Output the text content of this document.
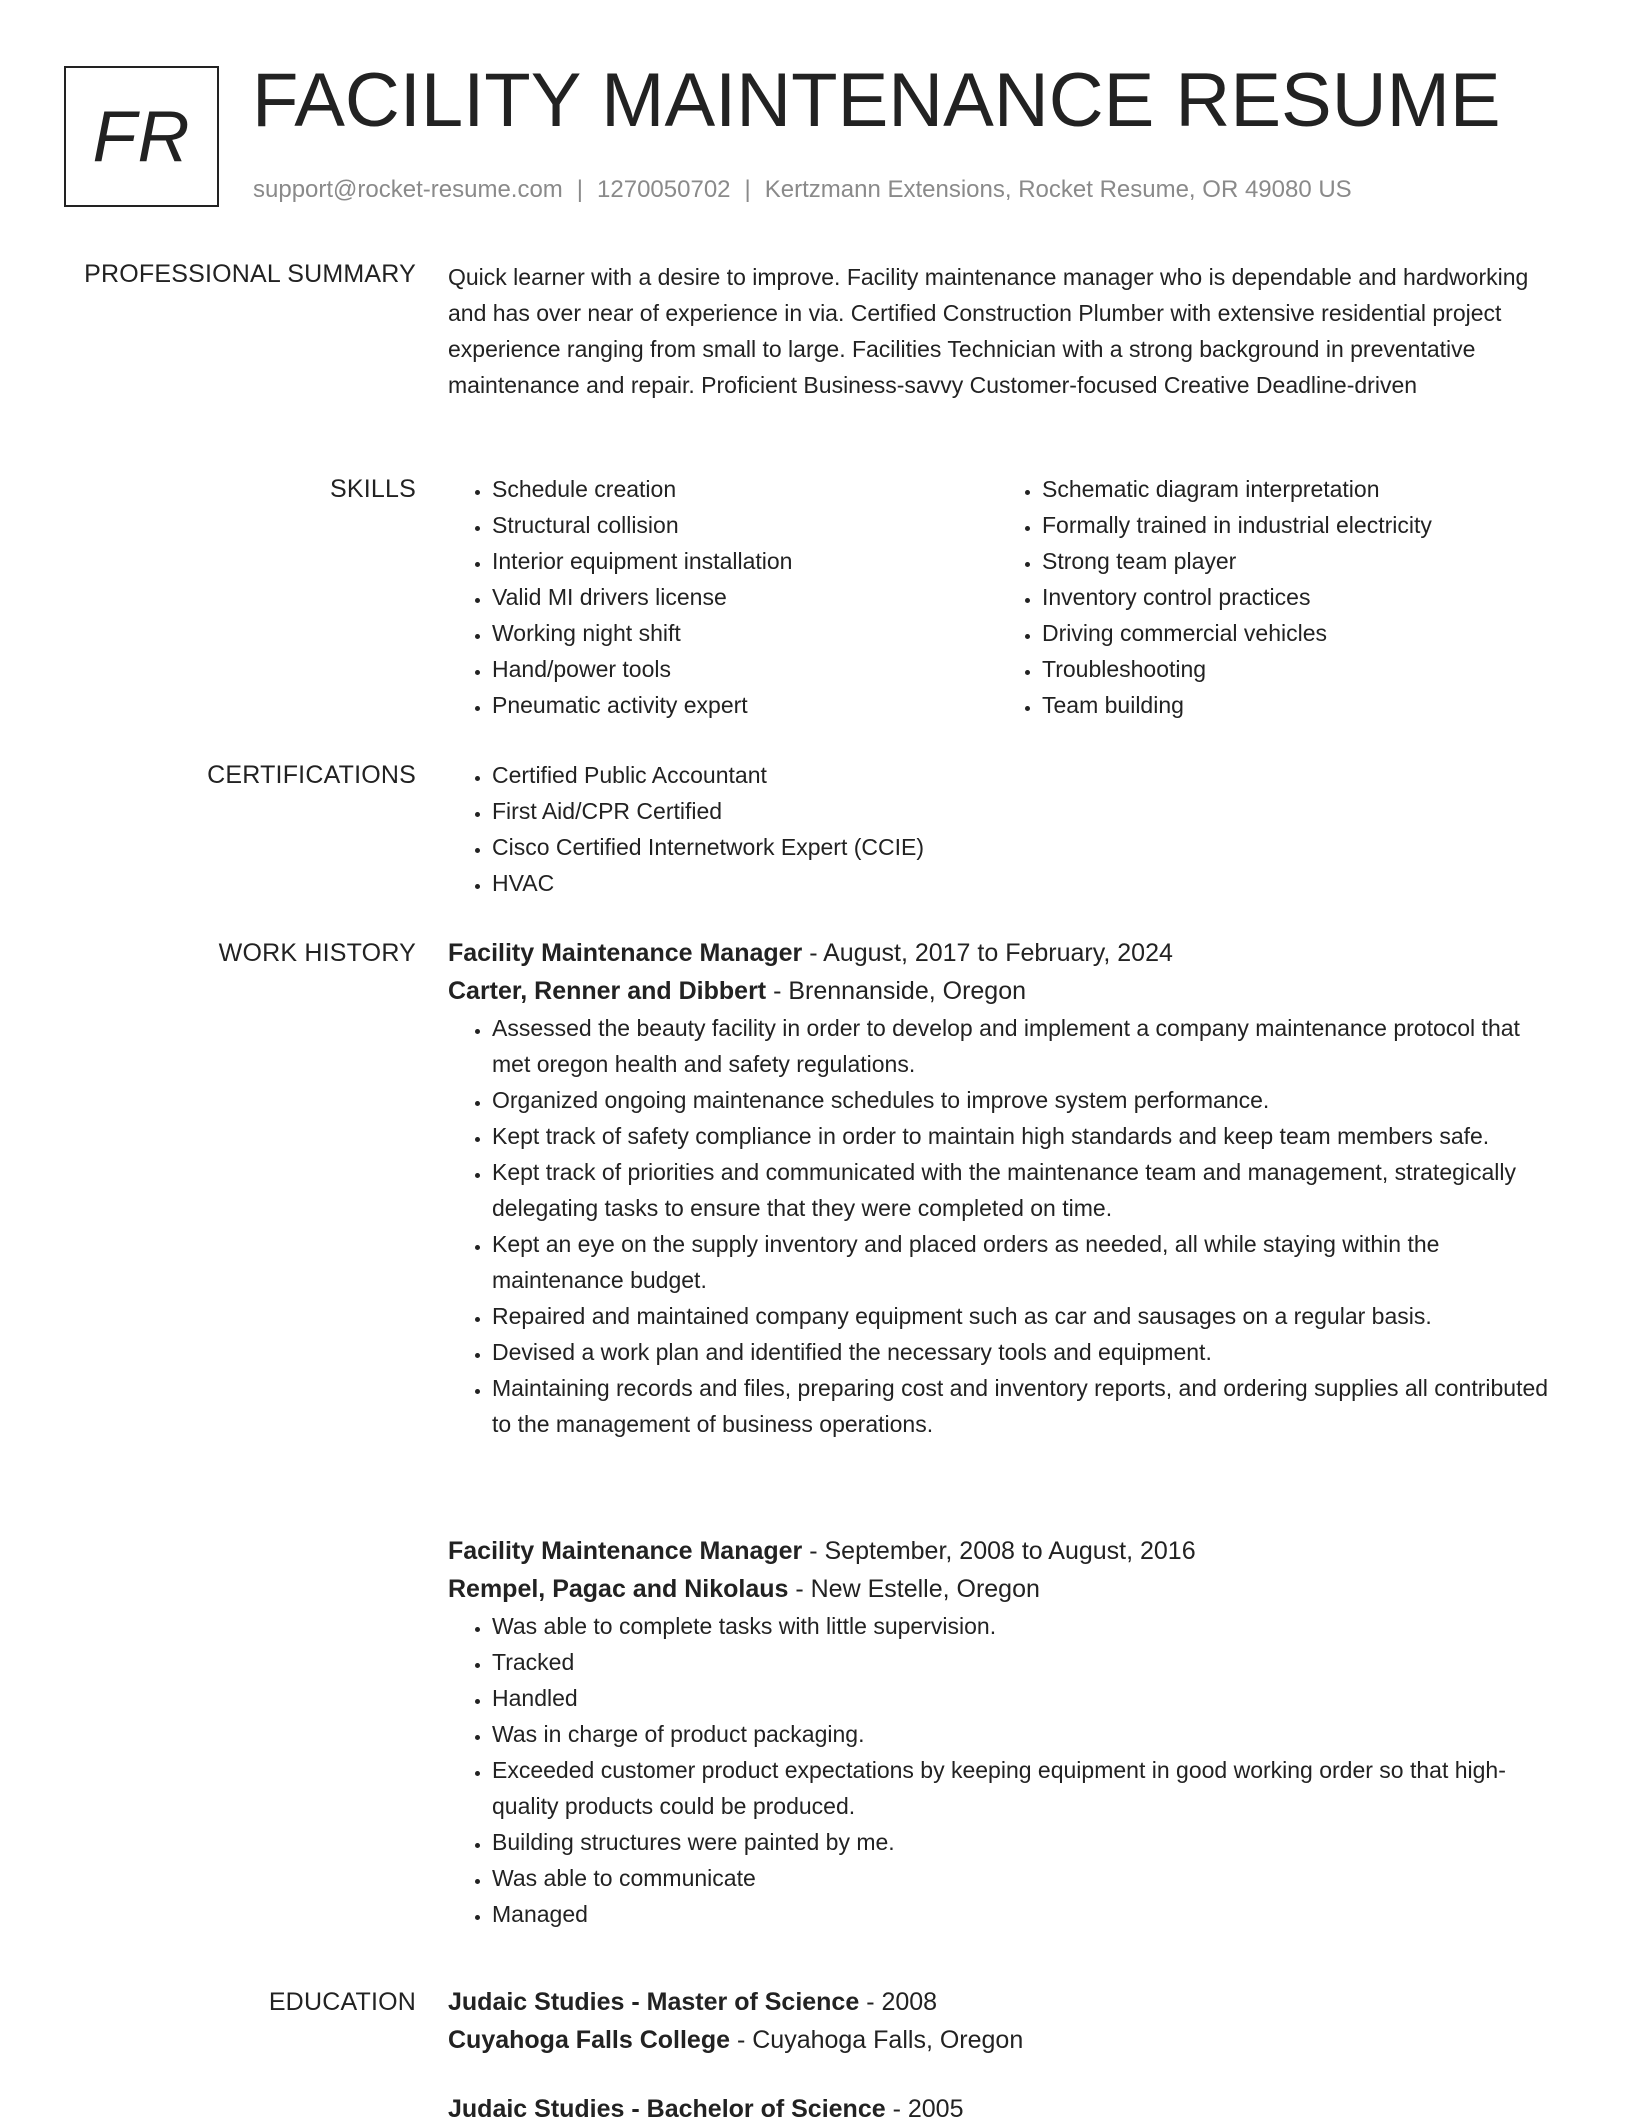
FR FACILITY MAINTENANCE RESUME
support@rocket-resume.com | 1270050702 | Kertzmann Extensions, Rocket Resume, OR 49080 US
PROFESSIONAL SUMMARY Quick learner with a desire to improve. Facility maintenance manager who is dependable and hardworking and has over near of experience in via. Certified Construction Plumber with extensive residential project experience ranging from small to large. Facilities Technician with a strong background in preventative maintenance and repair. Proficient Business-savvy Customer-focused Creative Deadline-driven

SKILLS	• Schedule creation
• Structural collision
• Interior equipment installation
• Valid MI drivers license
• Working night shift
• Hand/power tools
• Pneumatic activity expert
• Schematic diagram interpretation
• Formally trained in industrial electricity
• Strong team player
• Inventory control practices
• Driving commercial vehicles
• Troubleshooting
• Team building
CERTIFICATIONS	• Certified Public Accountant
• First Aid/CPR Certified
• Cisco Certified Internetwork Expert (CCIE)
• HVAC
WORK HISTORY Facility Maintenance Manager - August, 2017 to February, 2024

Carter, Renner and Dibbert - Brennanside, Oregon

• Assessed the beauty facility in order to develop and implement a company maintenance protocol that met oregon health and safety regulations.
• Organized ongoing maintenance schedules to improve system performance.
• Kept track of safety compliance in order to maintain high standards and keep team members safe.
• Kept track of priorities and communicated with the maintenance team and management, strategically delegating tasks to ensure that they were completed on time.
• Kept an eye on the supply inventory and placed orders as needed, all while staying within the maintenance budget.
• Repaired and maintained company equipment such as car and sausages on a regular basis.
• Devised a work plan and identified the necessary tools and equipment.
• Maintaining records and files, preparing cost and inventory reports, and ordering supplies all contributed to the management of business operations.

Facility Maintenance Manager - September, 2008 to August, 2016

Rempel, Pagac and Nikolaus - New Estelle, Oregon

• Was able to complete tasks with little supervision.
• Tracked
• Handled
• Was in charge of product packaging.
• Exceeded customer product expectations by keeping equipment in good working order so that high-quality products could be produced.
• Building structures were painted by me.
• Was able to communicate
• Managed
EDUCATION Judaic Studies - Master of Science - 2008

Cuyahoga Falls College - Cuyahoga Falls, Oregon

Judaic Studies - Bachelor of Science - 2005
